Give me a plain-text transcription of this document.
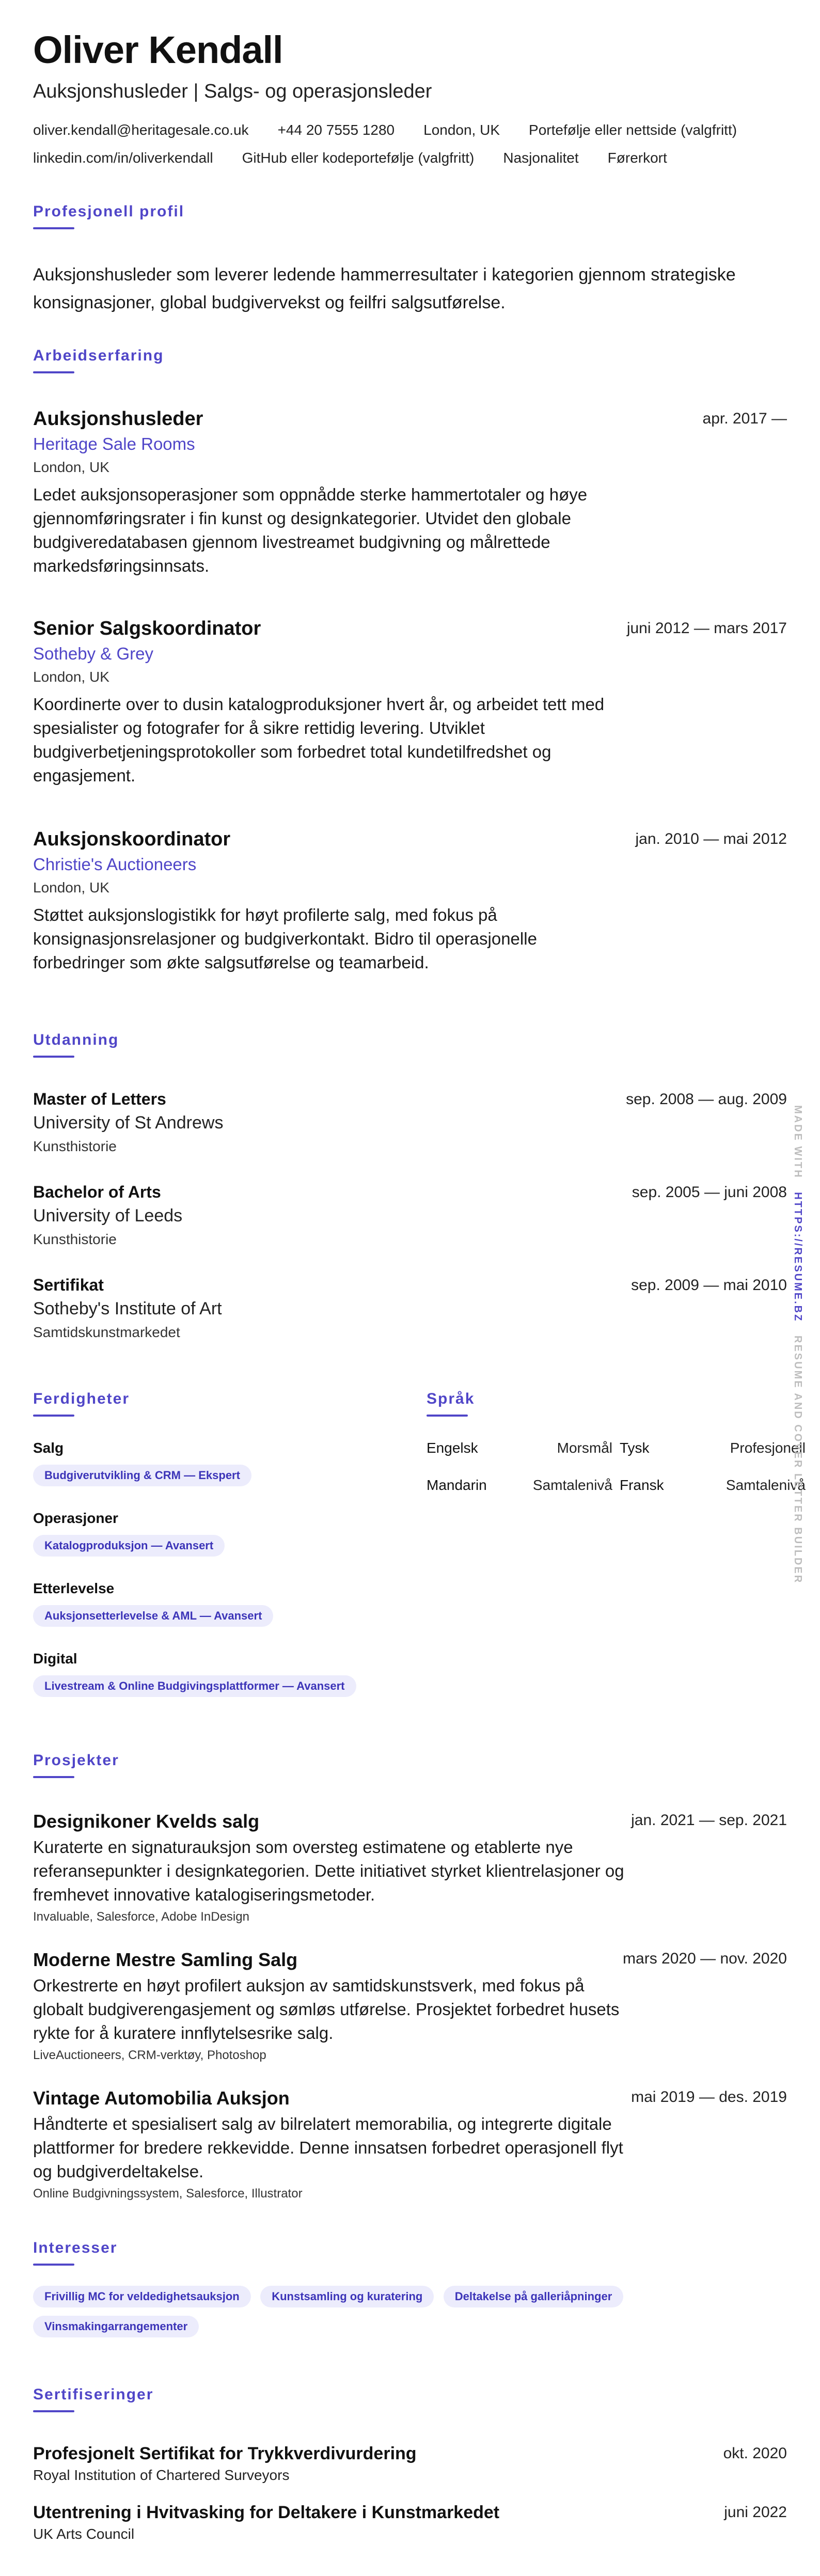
Oliver Kendall
Auksjonshusleder | Salgs- og operasjonsleder
oliver.kendall@heritagesale.co.uk +44 20 7555 1280 London, UK Portefølje eller nettside (valgfritt)
linkedin.com/in/oliverkendall GitHub eller kodeportefølje (valgfritt) Nasjonalitet Førerkort
Profesjonell profil
Auksjonshusleder som leverer ledende hammerresultater i kategorien gjennom strategiske konsignasjoner, global budgivervekst og feilfri salgsutførelse.
Arbeidserfaring
Auksjonshusleder	apr. 2017 —
Heritage Sale Rooms
London, UK
Ledet auksjonsoperasjoner som oppnådde sterke hammertotaler og høye gjennomføringsrater i fin kunst og designkategorier. Utvidet den globale budgiveredatabasen gjennom livestreamet budgivning og målrettede markedsføringsinnsats.
Senior Salgskoordinator	juni 2012 — mars 2017
Sotheby & Grey
London, UK
Koordinerte over to dusin katalogproduksjoner hvert år, og arbeidet tett med spesialister og fotografer for å sikre rettidig levering. Utviklet budgiverbetjeningsprotokoller som forbedret total kundetilfredshet og engasjement.
Auksjonskoordinator	jan. 2010 — mai 2012
Christie's Auctioneers
London, UK
Støttet auksjonslogistikk for høyt profilerte salg, med fokus på konsignasjonsrelasjoner og budgiverkontakt. Bidro til operasjonelle forbedringer som økte salgsutførelse og teamarbeid.
Utdanning
Master of Letters	sep. 2008 — aug. 2009
University of St Andrews
Kunsthistorie
Bachelor of Arts	sep. 2005 — juni 2008
University of Leeds
Kunsthistorie
Sertifikat	sep. 2009 — mai 2010
Sotheby's Institute of Art
Samtidskunstmarkedet
Ferdigheter
Salg
Budgiverutvikling & CRM — Ekspert
Operasjoner
Katalogproduksjon — Avansert
Etterlevelse
Auksjonsetterlevelse & AML — Avansert
Digital
Livestream & Online Budgivingsplattformer — Avansert
Språk
Engelsk	Morsmål Tysk	Profesjonell
Mandarin	Samtalenivå Fransk	Samtalenivå
Prosjekter
Designikoner Kvelds salg	jan. 2021 — sep. 2021
Kuraterte en signaturauksjon som oversteg estimatene og etablerte nye referansepunkter i designkategorien. Dette initiativet styrket klientrelasjoner og fremhevet innovative katalogiseringsmetoder.
Invaluable, Salesforce, Adobe InDesign
Moderne Mestre Samling Salg	mars 2020 — nov. 2020
Orkestrerte en høyt profilert auksjon av samtidskunstsverk, med fokus på globalt budgiverengasjement og sømløs utførelse. Prosjektet forbedret husets rykte for å kuratere innflytelsesrike salg.
LiveAuctioneers, CRM-verktøy, Photoshop
Vintage Automobilia Auksjon	mai 2019 — des. 2019
Håndterte et spesialisert salg av bilrelatert memorabilia, og integrerte digitale plattformer for bredere rekkevidde. Denne innsatsen forbedret operasjonell flyt og budgiverdeltakelse.
Online Budgivningssystem, Salesforce, Illustrator
Interesser
Frivillig MC for veldedighetsauksjon	Kunstsamling og kuratering	Deltakelse på galleriåpninger
Vinsmakingarrangementer
Sertifiseringer
Profesjonelt Sertifikat for Trykkverdivurdering	okt. 2020
Royal Institution of Chartered Surveyors
Utentrening i Hvitvasking for Deltakere i Kunstmarkedet	juni 2022
UK Arts Council
MADE WITH   HTTPS://RESUME.BZ   RESUME AND COVER LETTER BUILDER
